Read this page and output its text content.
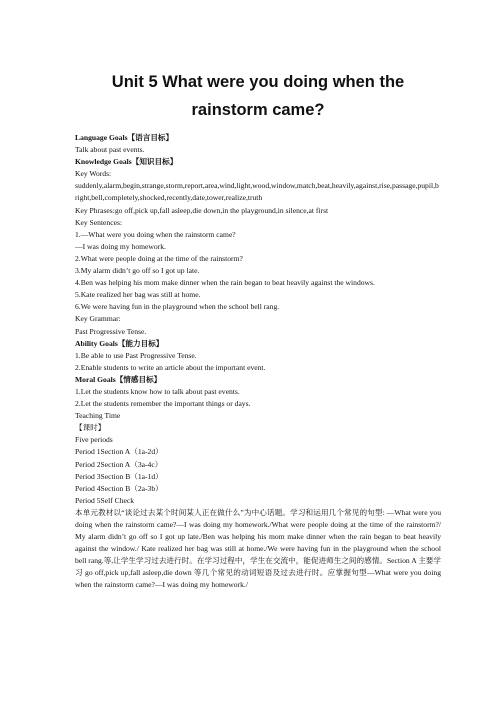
Unit 5 What were you doing when the

rainstorm came?

Language Goals【语言目标】

Talk about past events.

Knowledge Goals【知识目标】

Key Words:

suddenly,alarm,begin,strange,storm,report,area,wind,light,wood,window,match,beat,heavily,against,rise,passage,pupil,bright,bell,completely,shocked,recently,date,tower,realize,truth

Key Phrases:go off,pick up,fall asleep,die down,in the playground,in silence,at first

Key Sentences:

1.—What were you doing when the rainstorm came?

—I was doing my homework.

2.What were people doing at the time of the rainstorm?

3.My alarm didn’t go off so I got up late.

4.Ben was helping his mom make dinner when the rain began to beat heavily against the windows.

5.Kate realized her bag was still at home.

6.We were having fun in the playground when the school bell rang.

Key Grammar:

Past Progressive Tense.

Ability Goals【能力目标】

1.Be able to use Past Progressive Tense.

2.Enable students to write an article about the important event.

Moral Goals【情感目标】

1.Let the students know how to talk about past events.

2.Let the students remember the important things or days.

Teaching Time

【课时】

Five periods

Period 1Section A（1a-2d）

Period 2Section A（3a-4c）

Period 3Section B（1a-1d）

Period 4Section B（2a-3b）

Period 5Self Check

本单元教材以“谈论过去某个时间某人正在做什么”为中心话题。学习和运用几个常见的句型: —What were you doing when the rainstorm came?—I was doing my homework./What were people doing at the time of the rainstorm?/ My alarm didn’t go off so I got up late./Ben was helping his mom make dinner when the rain began to beat heavily against the window./ Kate realized her bag was still at home./We were having fun in the playground when the school bell rang.等,让学生学习过去进行时。在学习过程中，学生在交流中，能促进师生之间的感情。Section A 主要学习 go off,pick up,fall asleep,die down 等几个常见的动词短语及过去进行时。应掌握句型—What were you doing when the rainstorm came?—I was doing my homework./
